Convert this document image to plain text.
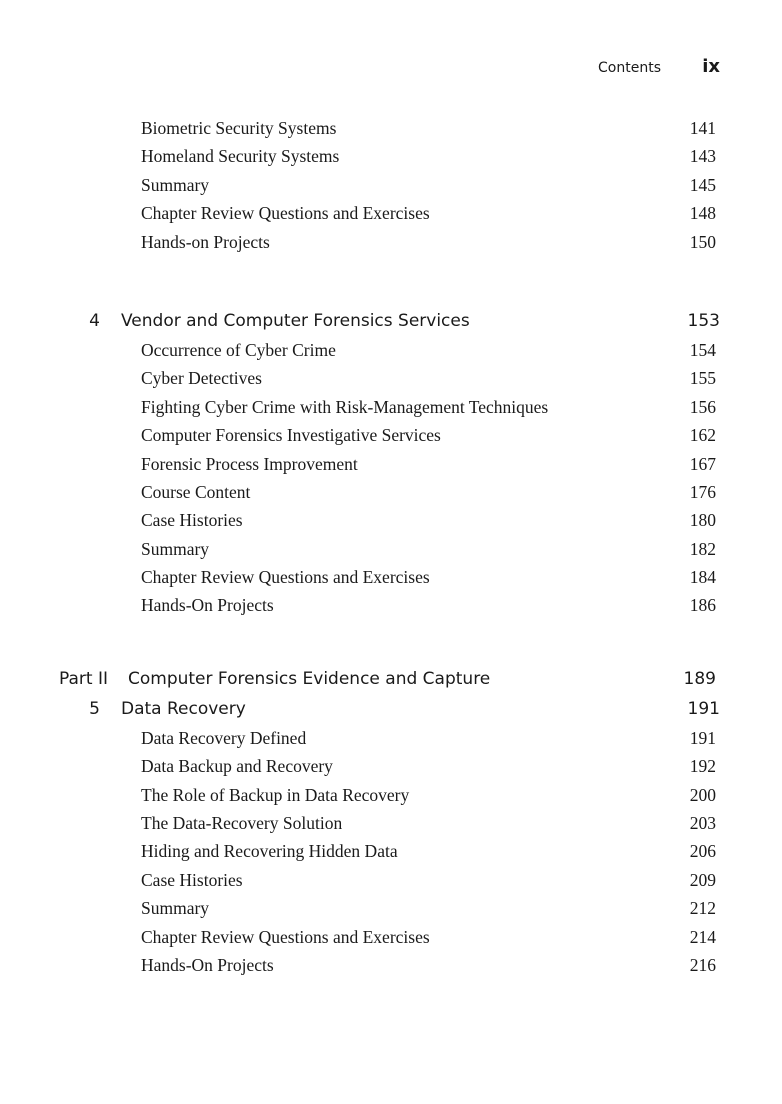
Contents ix
Biometric Security Systems	141
Homeland Security Systems	143
Summary	145
Chapter Review Questions and Exercises	148
Hands-on Projects	150
4 Vendor and Computer Forensics Services	153
Occurrence of Cyber Crime	154
Cyber Detectives	155
Fighting Cyber Crime with Risk-Management Techniques	156
Computer Forensics Investigative Services	162
Forensic Process Improvement	167
Course Content	176
Case Histories	180
Summary	182
Chapter Review Questions and Exercises	184
Hands-On Projects	186
Part II Computer Forensics Evidence and Capture	189
5 Data Recovery	191
Data Recovery Defined	191
Data Backup and Recovery	192
The Role of Backup in Data Recovery	200
The Data-Recovery Solution	203
Hiding and Recovering Hidden Data	206
Case Histories	209
Summary	212
Chapter Review Questions and Exercises	214
Hands-On Projects	216
